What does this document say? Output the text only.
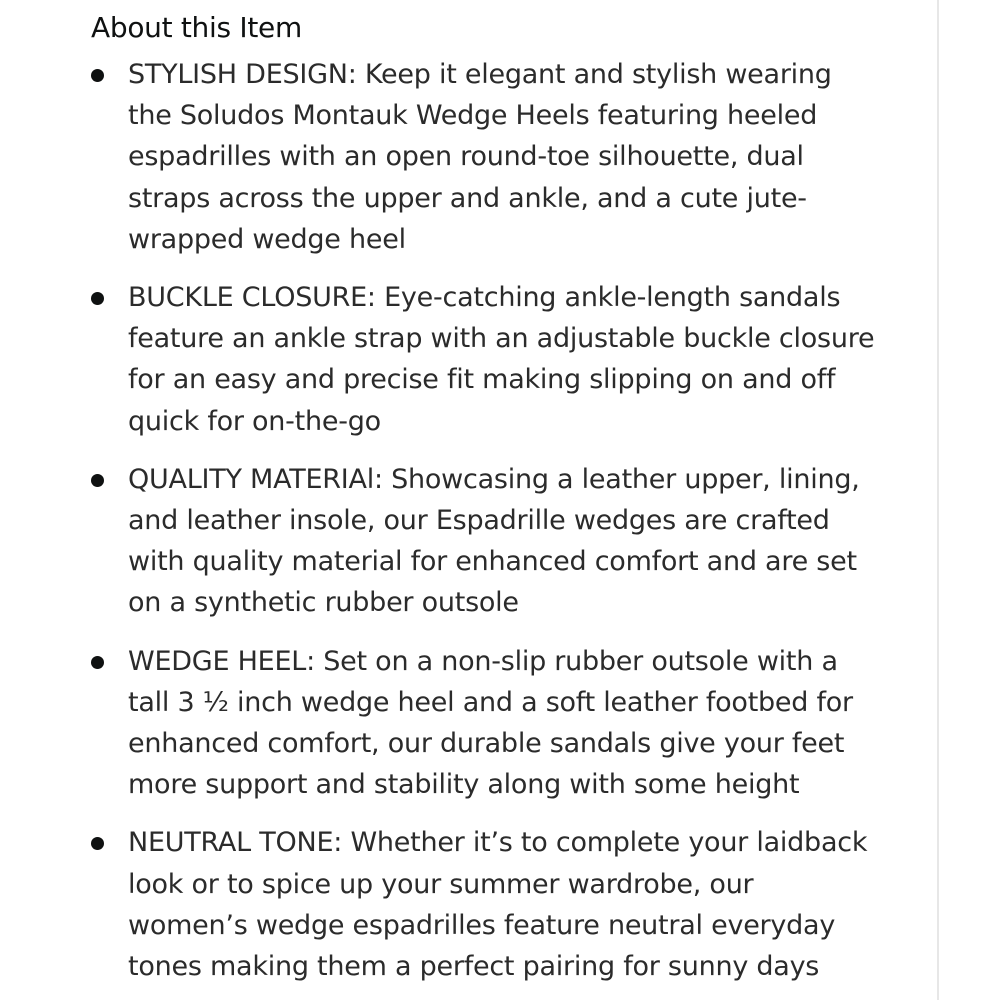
About this Item
STYLISH DESIGN: Keep it elegant and stylish wearing
the Soludos Montauk Wedge Heels featuring heeled
espadrilles with an open round-toe silhouette, dual
straps across the upper and ankle, and a cute jute-
wrapped wedge heel
BUCKLE CLOSURE: Eye-catching ankle-length sandals
feature an ankle strap with an adjustable buckle closure
for an easy and precise fit making slipping on and off
quick for on-the-go
QUALITY MATERIAl: Showcasing a leather upper, lining,
and leather insole, our Espadrille wedges are crafted
with quality material for enhanced comfort and are set
on a synthetic rubber outsole
WEDGE HEEL: Set on a non-slip rubber outsole with a
tall 3 ½ inch wedge heel and a soft leather footbed for
enhanced comfort, our durable sandals give your feet
more support and stability along with some height
NEUTRAL TONE: Whether it’s to complete your laidback
look or to spice up your summer wardrobe, our
women’s wedge espadrilles feature neutral everyday
tones making them a perfect pairing for sunny days
